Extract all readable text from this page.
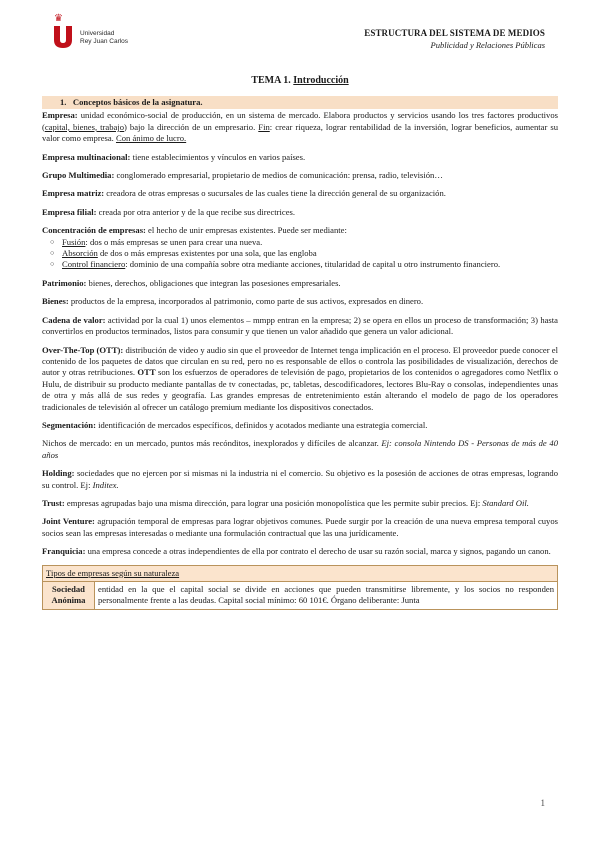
♛
Universidad
Rey Juan Carlos
ESTRUCTURA DEL SISTEMA DE MEDIOS
Publicidad y Relaciones Públicas
TEMA 1. Introducción
1. Conceptos básicos de la asignatura.
Empresa: unidad económico-social de producción, en un sistema de mercado. Elabora productos y servicios usando los tres factores productivos (capital, bienes, trabajo) bajo la dirección de un empresario. Fin: crear riqueza, lograr rentabilidad de la inversión, lograr beneficios, aumentar su valor como empresa. Con ánimo de lucro.
Empresa multinacional: tiene establecimientos y vínculos en varios países.
Grupo Multimedia: conglomerado empresarial, propietario de medios de comunicación: prensa, radio, televisión…
Empresa matriz: creadora de otras empresas o sucursales de las cuales tiene la dirección general de su organización.
Empresa filial: creada por otra anterior y de la que recibe sus directrices.
Concentración de empresas: el hecho de unir empresas existentes. Puede ser mediante:
○ Fusión: dos o más empresas se unen para crear una nueva.
○ Absorción de dos o más empresas existentes por una sola, que las engloba
○ Control financiero: dominio de una compañía sobre otra mediante acciones, titularidad de capital u otro instrumento financiero.
Patrimonio: bienes, derechos, obligaciones que integran las posesiones empresariales.
Bienes: productos de la empresa, incorporados al patrimonio, como parte de sus activos, expresados en dinero.
Cadena de valor: actividad por la cual 1) unos elementos – mmpp entran en la empresa; 2) se opera en ellos un proceso de transformación; 3) hasta convertirlos en productos terminados, listos para consumir y que tienen un valor añadido que genera un valor adicional.
Over-The-Top (OTT): distribución de video y audio sin que el proveedor de Internet tenga implicación en el proceso. El proveedor puede conocer el contenido de los paquetes de datos que circulan en su red, pero no es responsable de ellos o controla las posibilidades de visualización, derechos de autor y otras retribuciones. OTT son los esfuerzos de operadores de televisión de pago, propietarios de los contenidos o agregadores como Netflix o Hulu, de distribuir su producto mediante pantallas de tv conectadas, pc, tabletas, descodificadores, lectores Blu-Ray o consolas, independientes unas de otra y más allá de sus redes y geografía. Las grandes empresas de entretenimiento están alterando el modelo de pago de los operadores tradicionales de televisión al ofrecer un catálogo premium mediante los dispositivos conectados.
Segmentación: identificación de mercados específicos, definidos y acotados mediante una estrategia comercial.
Nichos de mercado: en un mercado, puntos más recónditos, inexplorados y difíciles de alcanzar. Ej: consola Nintendo DS - Personas de más de 40 años
Holding: sociedades que no ejercen por si mismas ni la industria ni el comercio. Su objetivo es la posesión de acciones de otras empresas, logrando su control. Ej: Inditex.
Trust: empresas agrupadas bajo una misma dirección, para lograr una posición monopolística que les permite subir precios. Ej: Standard Oil.
Joint Venture: agrupación temporal de empresas para lograr objetivos comunes. Puede surgir por la creación de una nueva empresa temporal cuyos socios sean las empresas interesadas o mediante una formulación contractual que las una jurídicamente.
Franquicia: una empresa concede a otras independientes de ella por contrato el derecho de usar su razón social, marca y signos, pagando un canon.
Tipos de empresas según su naturaleza
Sociedad Anónima	entidad en la que el capital social se divide en acciones que pueden transmitirse libremente, y los socios no responden personalmente frente a las deudas. Capital social mínimo: 60 101€. Órgano deliberante: Junta
1
